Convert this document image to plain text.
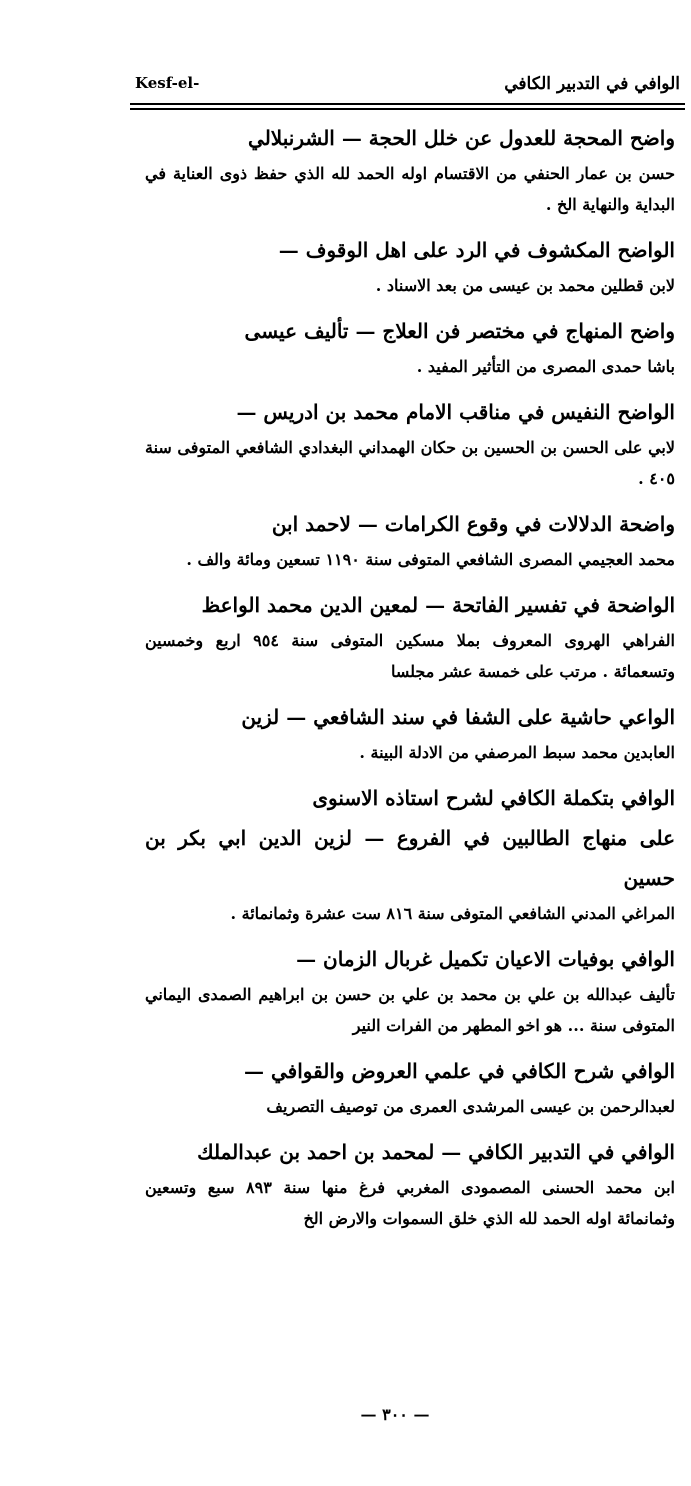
الوافي في التدبير الكافي
Kesf-el-
واضح المحجة للعدول عن خلل الحجة — الشرنبلالي
حسن بن عمار الحنفي من الاقتسام اوله الحمد لله الذي حفظ ذوى العناية في البداية والنهاية الخ .
الواضح المكشوف في الرد على اهل الوقوف —
لابن قطلين محمد بن عيسى من بعد الاسناد .
واضح المنهاج في مختصر فن العلاج — تأليف عيسى
باشا حمدى المصرى من التأثير المفيد .
الواضح النفيس في مناقب الامام محمد بن ادريس —
لابي على الحسن بن الحسين بن حكان الهمداني البغدادي الشافعي المتوفى سنة ٤٠٥ .
واضحة الدلالات في وقوع الكرامات — لاحمد ابن
محمد العجيمي المصرى الشافعي المتوفى سنة ١١٩٠ تسعين ومائة والف .
الواضحة في تفسير الفاتحة — لمعين الدين محمد الواعظ
الفراهي الهروى المعروف بملا مسكين المتوفى سنة ٩٥٤ اربع وخمسين وتسعمائة . مرتب على خمسة عشر مجلسا
الواعي حاشية على الشفا في سند الشافعي — لزين
العابدين محمد سبط المرصفي من الادلة البينة .
الوافي بتكملة الكافي لشرح استاذه الاسنوى
على منهاج الطالبين في الفروع — لزين الدين ابي بكر بن حسين
المراغي المدني الشافعي المتوفى سنة ٨١٦ ست عشرة وثمانمائة .
الوافي بوفيات الاعيان تكميل غربال الزمان —
تأليف عبدالله بن علي بن محمد بن علي بن حسن بن ابراهيم الصمدى اليماني المتوفى سنة ... هو اخو المطهر من الفرات النير
الوافي شرح الكافي في علمي العروض والقوافي —
لعبدالرحمن بن عيسى المرشدى العمرى من توصيف التصريف
الوافي في التدبير الكافي — لمحمد بن احمد بن عبدالملك
ابن محمد الحسنى المصمودى المغربي فرغ منها سنة ٨٩٣ سبع وتسعين وثمانمائة اوله الحمد لله الذي خلق السموات والارض الخ
— ٣٠٠ —
